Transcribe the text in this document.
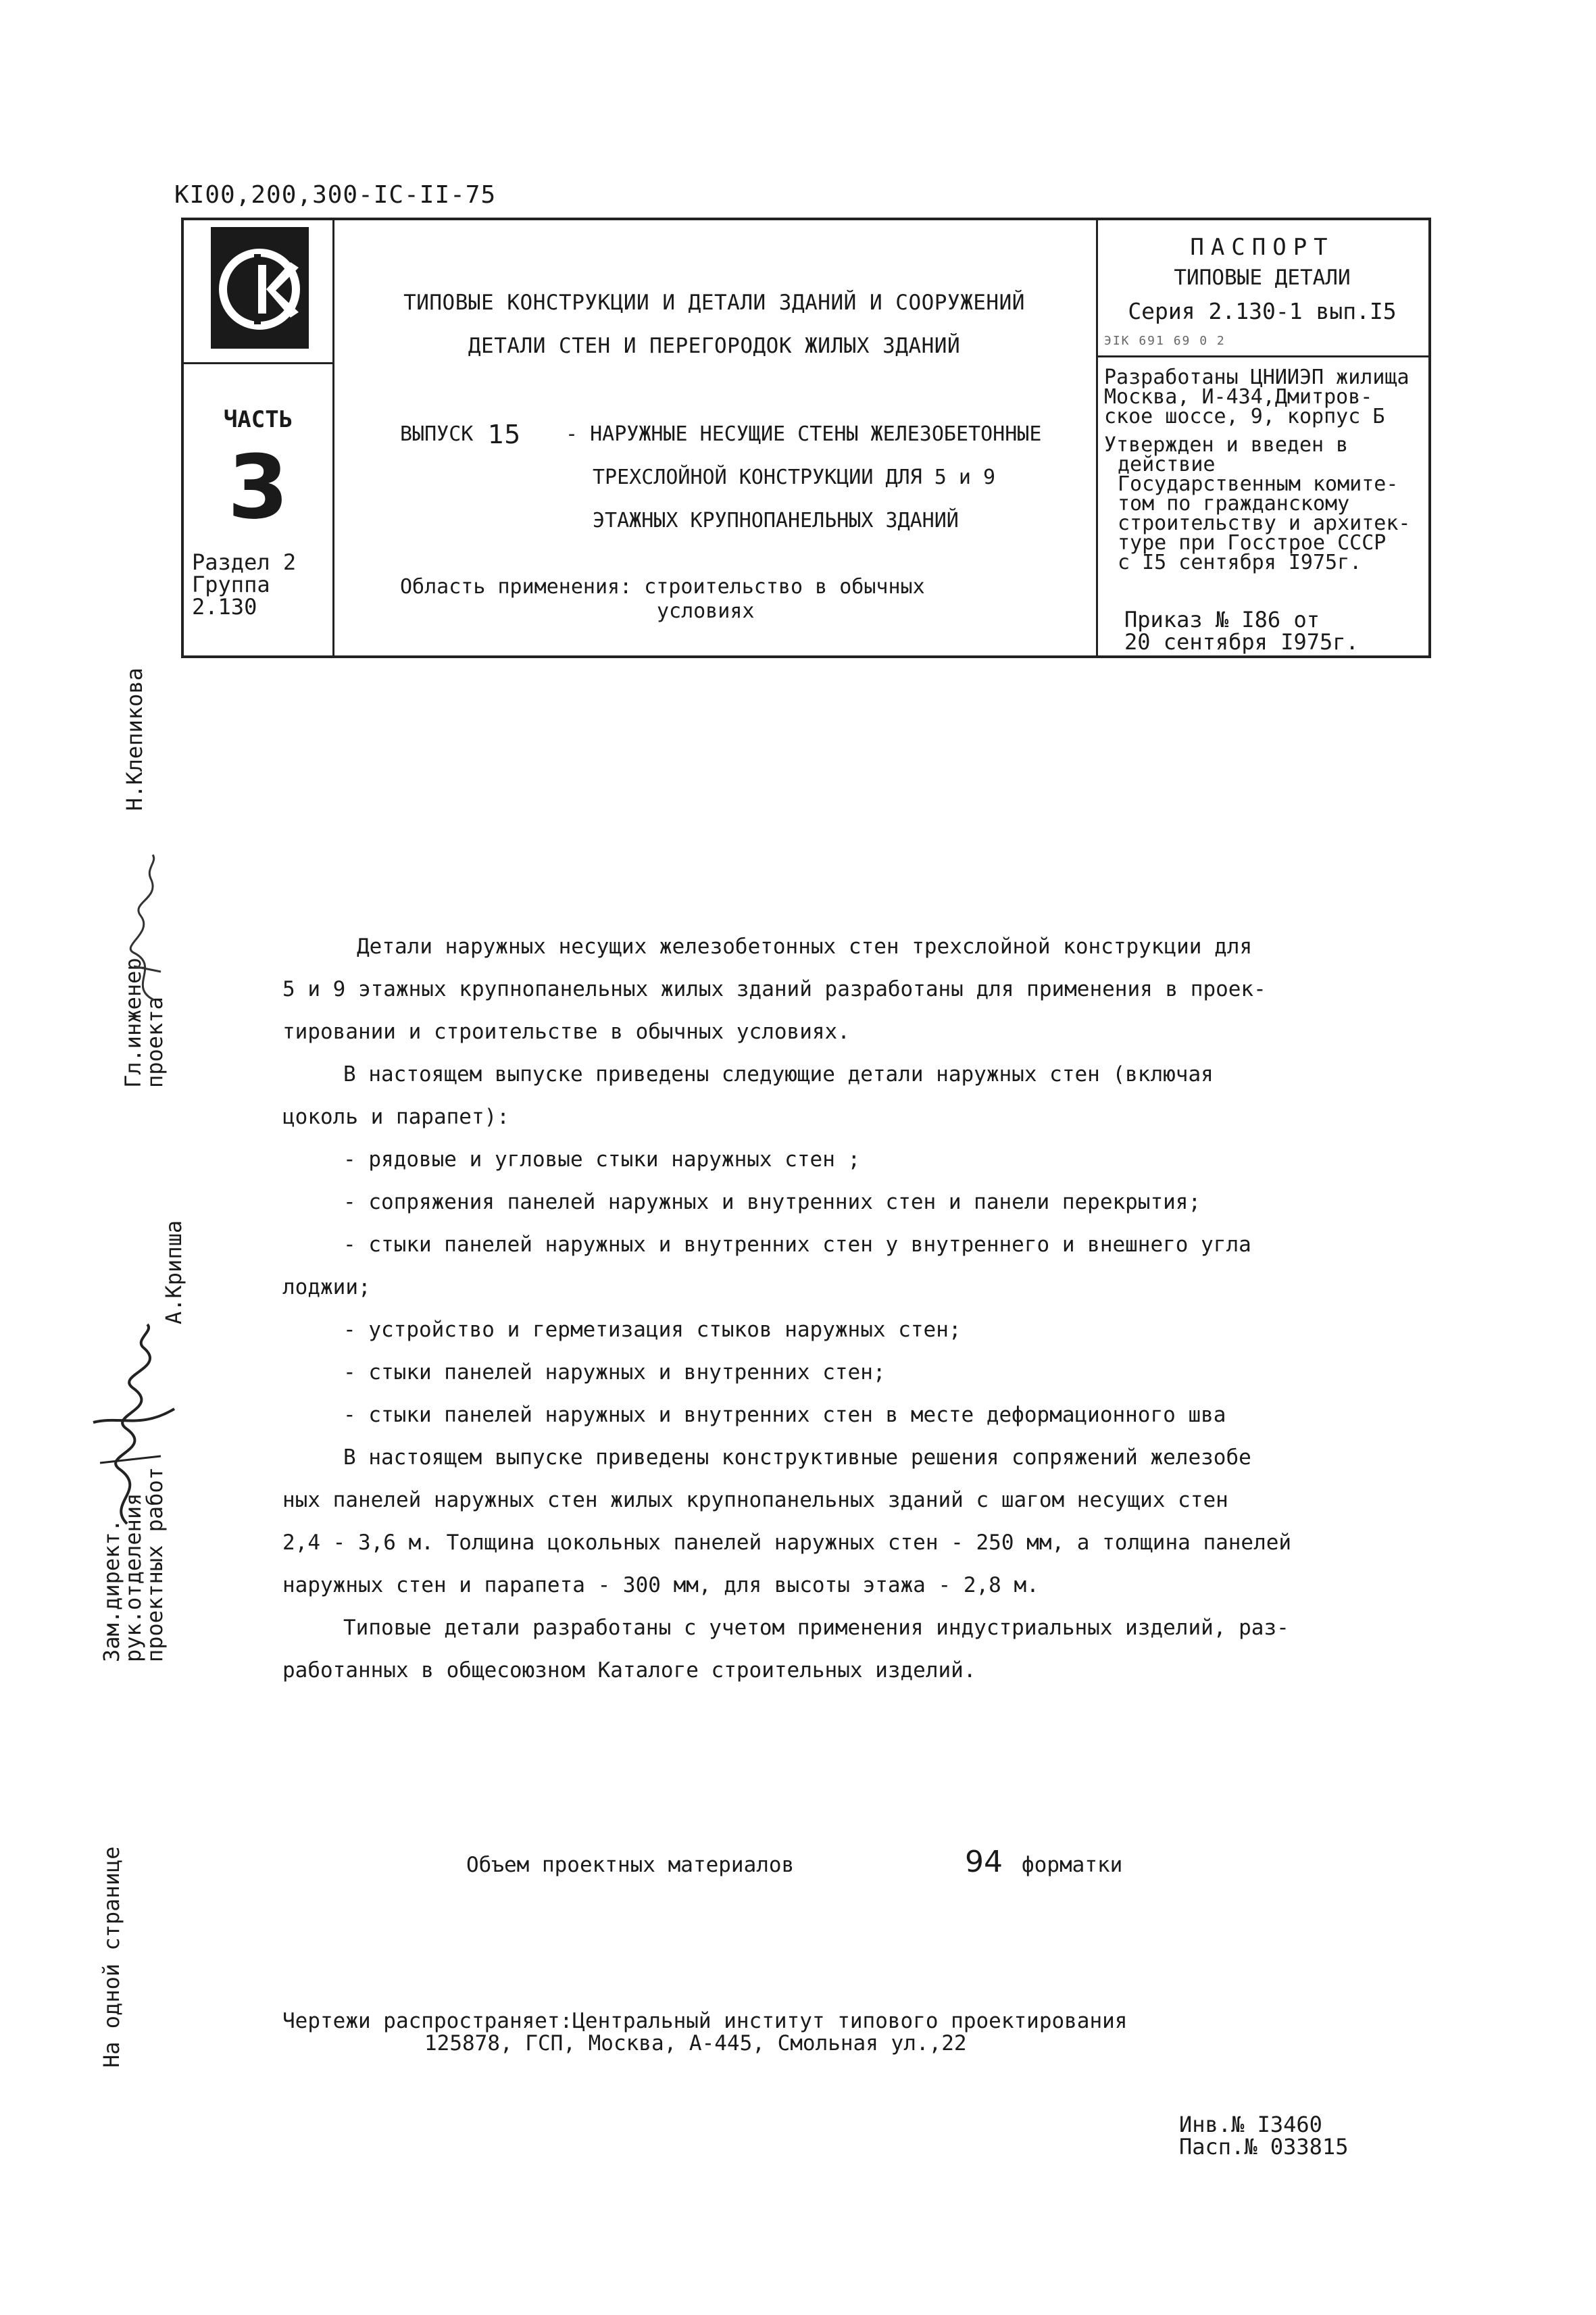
КI00,200,300-IС-II-75
ЧАСТЬ
3
Раздел 2
Группа
2.130
ТИПОВЫЕ КОНСТРУКЦИИ И ДЕТАЛИ ЗДАНИЙ И СООРУЖЕНИЙ
ДЕТАЛИ СТЕН И ПЕРЕГОРОДОК ЖИЛЫХ ЗДАНИЙ
ВЫПУСК 15 - НАРУЖНЫЕ НЕСУЩИЕ СТЕНЫ ЖЕЛЕЗОБЕТОННЫЕ
ТРЕХСЛОЙНОЙ КОНСТРУКЦИИ ДЛЯ 5 и 9
ЭТАЖНЫХ КРУПНОПАНЕЛЬНЫХ ЗДАНИЙ
Область применения: строительство в обычных
условиях
ПАСПОРТ
ТИПОВЫЕ ДЕТАЛИ
Серия 2.130-1 вып.I5
ЭIК 691 69 0 2
Разработаны ЦНИИЭП жилища
Москва, И-434,Дмитров-
ское шоссе, 9, корпус Б
Утвержден и введен в
действие
Государственным комите-
том по гражданскому
строительству и архитек-
туре при Госстрое СССР
с I5 сентября I975г.
Приказ № I86 от
20 сентября I975г.
Н.Клепикова
Гл.инженер
проекта
А.Крипша
Зам.директ.
рук.отделения
проектных работ
На одной странице

Детали наружных несущих железобетонных стен трехслойной конструкции для

5 и 9 этажных крупнопанельных жилых зданий разработаны для применения в проек-

тировании и строительстве в обычных условиях.

В настоящем выпуске приведены следующие детали наружных стен (включая

цоколь и парапет):

- рядовые и угловые стыки наружных стен ;

- сопряжения панелей наружных и внутренних стен и панели перекрытия;

- стыки панелей наружных и внутренних стен у внутреннего и внешнего угла

лоджии;

- устройство и герметизация стыков наружных стен;

- стыки панелей наружных и внутренних стен;

- стыки панелей наружных и внутренних стен в месте деформационного шва

В настоящем выпуске приведены конструктивные решения сопряжений железобе

ных панелей наружных стен жилых крупнопанельных зданий с шагом несущих стен

2,4 - 3,6 м. Толщина цокольных панелей наружных стен - 250 мм, а толщина панелей

наружных стен и парапета - 300 мм, для высоты этажа - 2,8 м.

Типовые детали разработаны с учетом применения индустриальных изделий, раз-

работанных в общесоюзном Каталоге строительных изделий.

Объем проектных материалов	94 форматки
Чертежи распространяет:Центральный институт типового проектирования
125878, ГСП, Москва, А-445, Смольная ул.,22
Инв.№ I3460
Пасп.№ 033815
